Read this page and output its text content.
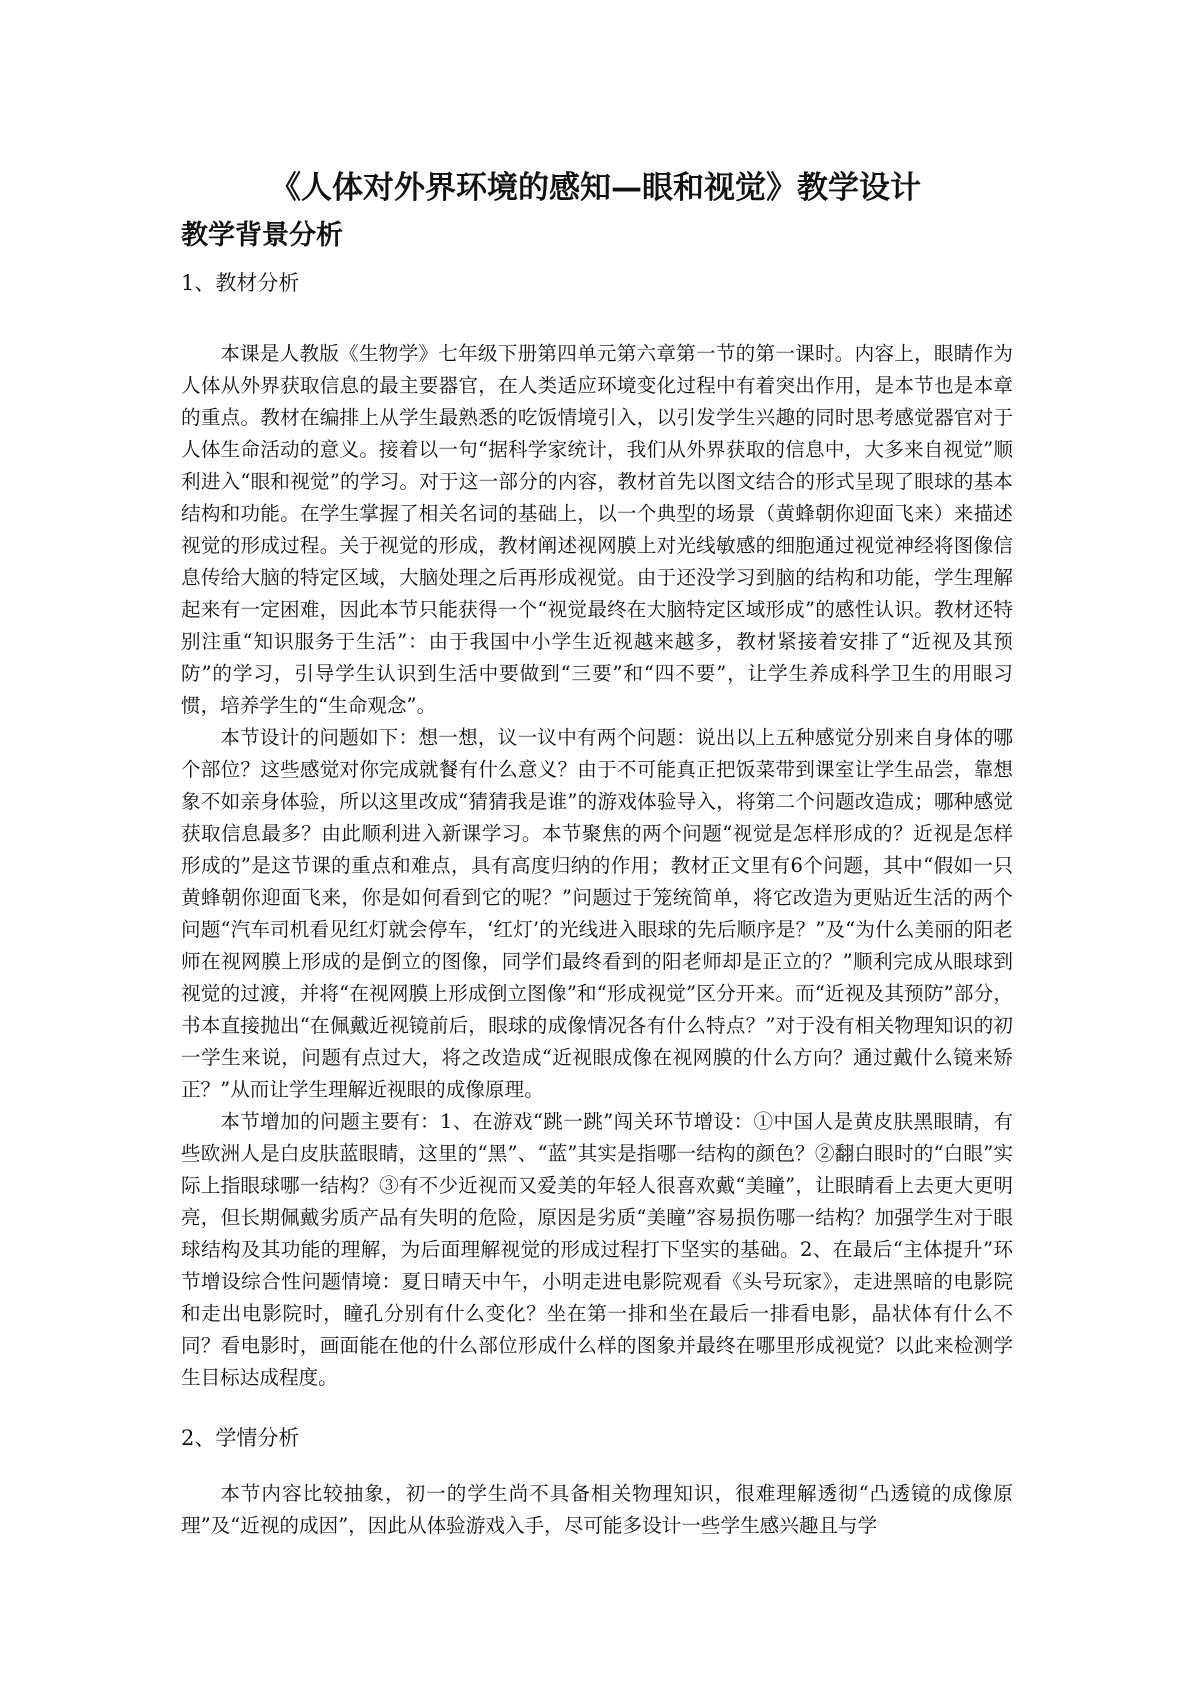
《人体对外界环境的感知—眼和视觉》教学设计
教学背景分析
1、教材分析

本课是人教版《生物学》七年级下册第四单元第六章第一节的第一课时。内容上，眼睛作为人体从外界获取信息的最主要器官，在人类适应环境变化过程中有着突出作用，是本节也是本章的重点。教材在编排上从学生最熟悉的吃饭情境引入，以引发学生兴趣的同时思考感觉器官对于人体生命活动的意义。接着以一句“据科学家统计，我们从外界获取的信息中，大多来自视觉”顺利进入“眼和视觉”的学习。对于这一部分的内容，教材首先以图文结合的形式呈现了眼球的基本结构和功能。在学生掌握了相关名词的基础上，以一个典型的场景（黄蜂朝你迎面飞来）来描述视觉的形成过程。关于视觉的形成，教材阐述视网膜上对光线敏感的细胞通过视觉神经将图像信息传给大脑的特定区域，大脑处理之后再形成视觉。由于还没学习到脑的结构和功能，学生理解起来有一定困难，因此本节只能获得一个“视觉最终在大脑特定区域形成”的感性认识。教材还特别注重“知识服务于生活”：由于我国中小学生近视越来越多，教材紧接着安排了“近视及其预防”的学习，引导学生认识到生活中要做到“三要”和“四不要”，让学生养成科学卫生的用眼习惯，培养学生的“生命观念”。

本节设计的问题如下：想一想，议一议中有两个问题：说出以上五种感觉分别来自身体的哪个部位？这些感觉对你完成就餐有什么意义？由于不可能真正把饭菜带到课室让学生品尝，靠想象不如亲身体验，所以这里改成“猜猜我是谁”的游戏体验导入，将第二个问题改造成；哪种感觉获取信息最多？由此顺利进入新课学习。本节聚焦的两个问题“视觉是怎样形成的？近视是怎样形成的”是这节课的重点和难点，具有高度归纳的作用；教材正文里有6个问题，其中“假如一只黄蜂朝你迎面飞来，你是如何看到它的呢？”问题过于笼统简单，将它改造为更贴近生活的两个问题“汽车司机看见红灯就会停车，‘红灯’的光线进入眼球的先后顺序是？”及“为什么美丽的阳老师在视网膜上形成的是倒立的图像，同学们最终看到的阳老师却是正立的？”顺利完成从眼球到视觉的过渡，并将“在视网膜上形成倒立图像”和“形成视觉”区分开来。而“近视及其预防”部分，书本直接抛出“在佩戴近视镜前后，眼球的成像情况各有什么特点？”对于没有相关物理知识的初一学生来说，问题有点过大，将之改造成“近视眼成像在视网膜的什么方向？通过戴什么镜来矫正？”从而让学生理解近视眼的成像原理。

本节增加的问题主要有：1、在游戏“跳一跳”闯关环节增设：①中国人是黄皮肤黑眼睛，有些欧洲人是白皮肤蓝眼睛，这里的“黑”、“蓝”其实是指哪一结构的颜色？②翻白眼时的“白眼”实际上指眼球哪一结构？③有不少近视而又爱美的年轻人很喜欢戴“美瞳”，让眼睛看上去更大更明亮，但长期佩戴劣质产品有失明的危险，原因是劣质“美瞳”容易损伤哪一结构？加强学生对于眼球结构及其功能的理解，为后面理解视觉的形成过程打下坚实的基础。2、在最后“主体提升”环节增设综合性问题情境：夏日晴天中午，小明走进电影院观看《头号玩家》，走进黑暗的电影院和走出电影院时，瞳孔分别有什么变化？坐在第一排和坐在最后一排看电影，晶状体有什么不同？看电影时，画面能在他的什么部位形成什么样的图象并最终在哪里形成视觉？以此来检测学生目标达成程度。

2、学情分析

本节内容比较抽象，初一的学生尚不具备相关物理知识，很难理解透彻“凸透镜的成像原理”及“近视的成因”，因此从体验游戏入手，尽可能多设计一些学生感兴趣且与学
